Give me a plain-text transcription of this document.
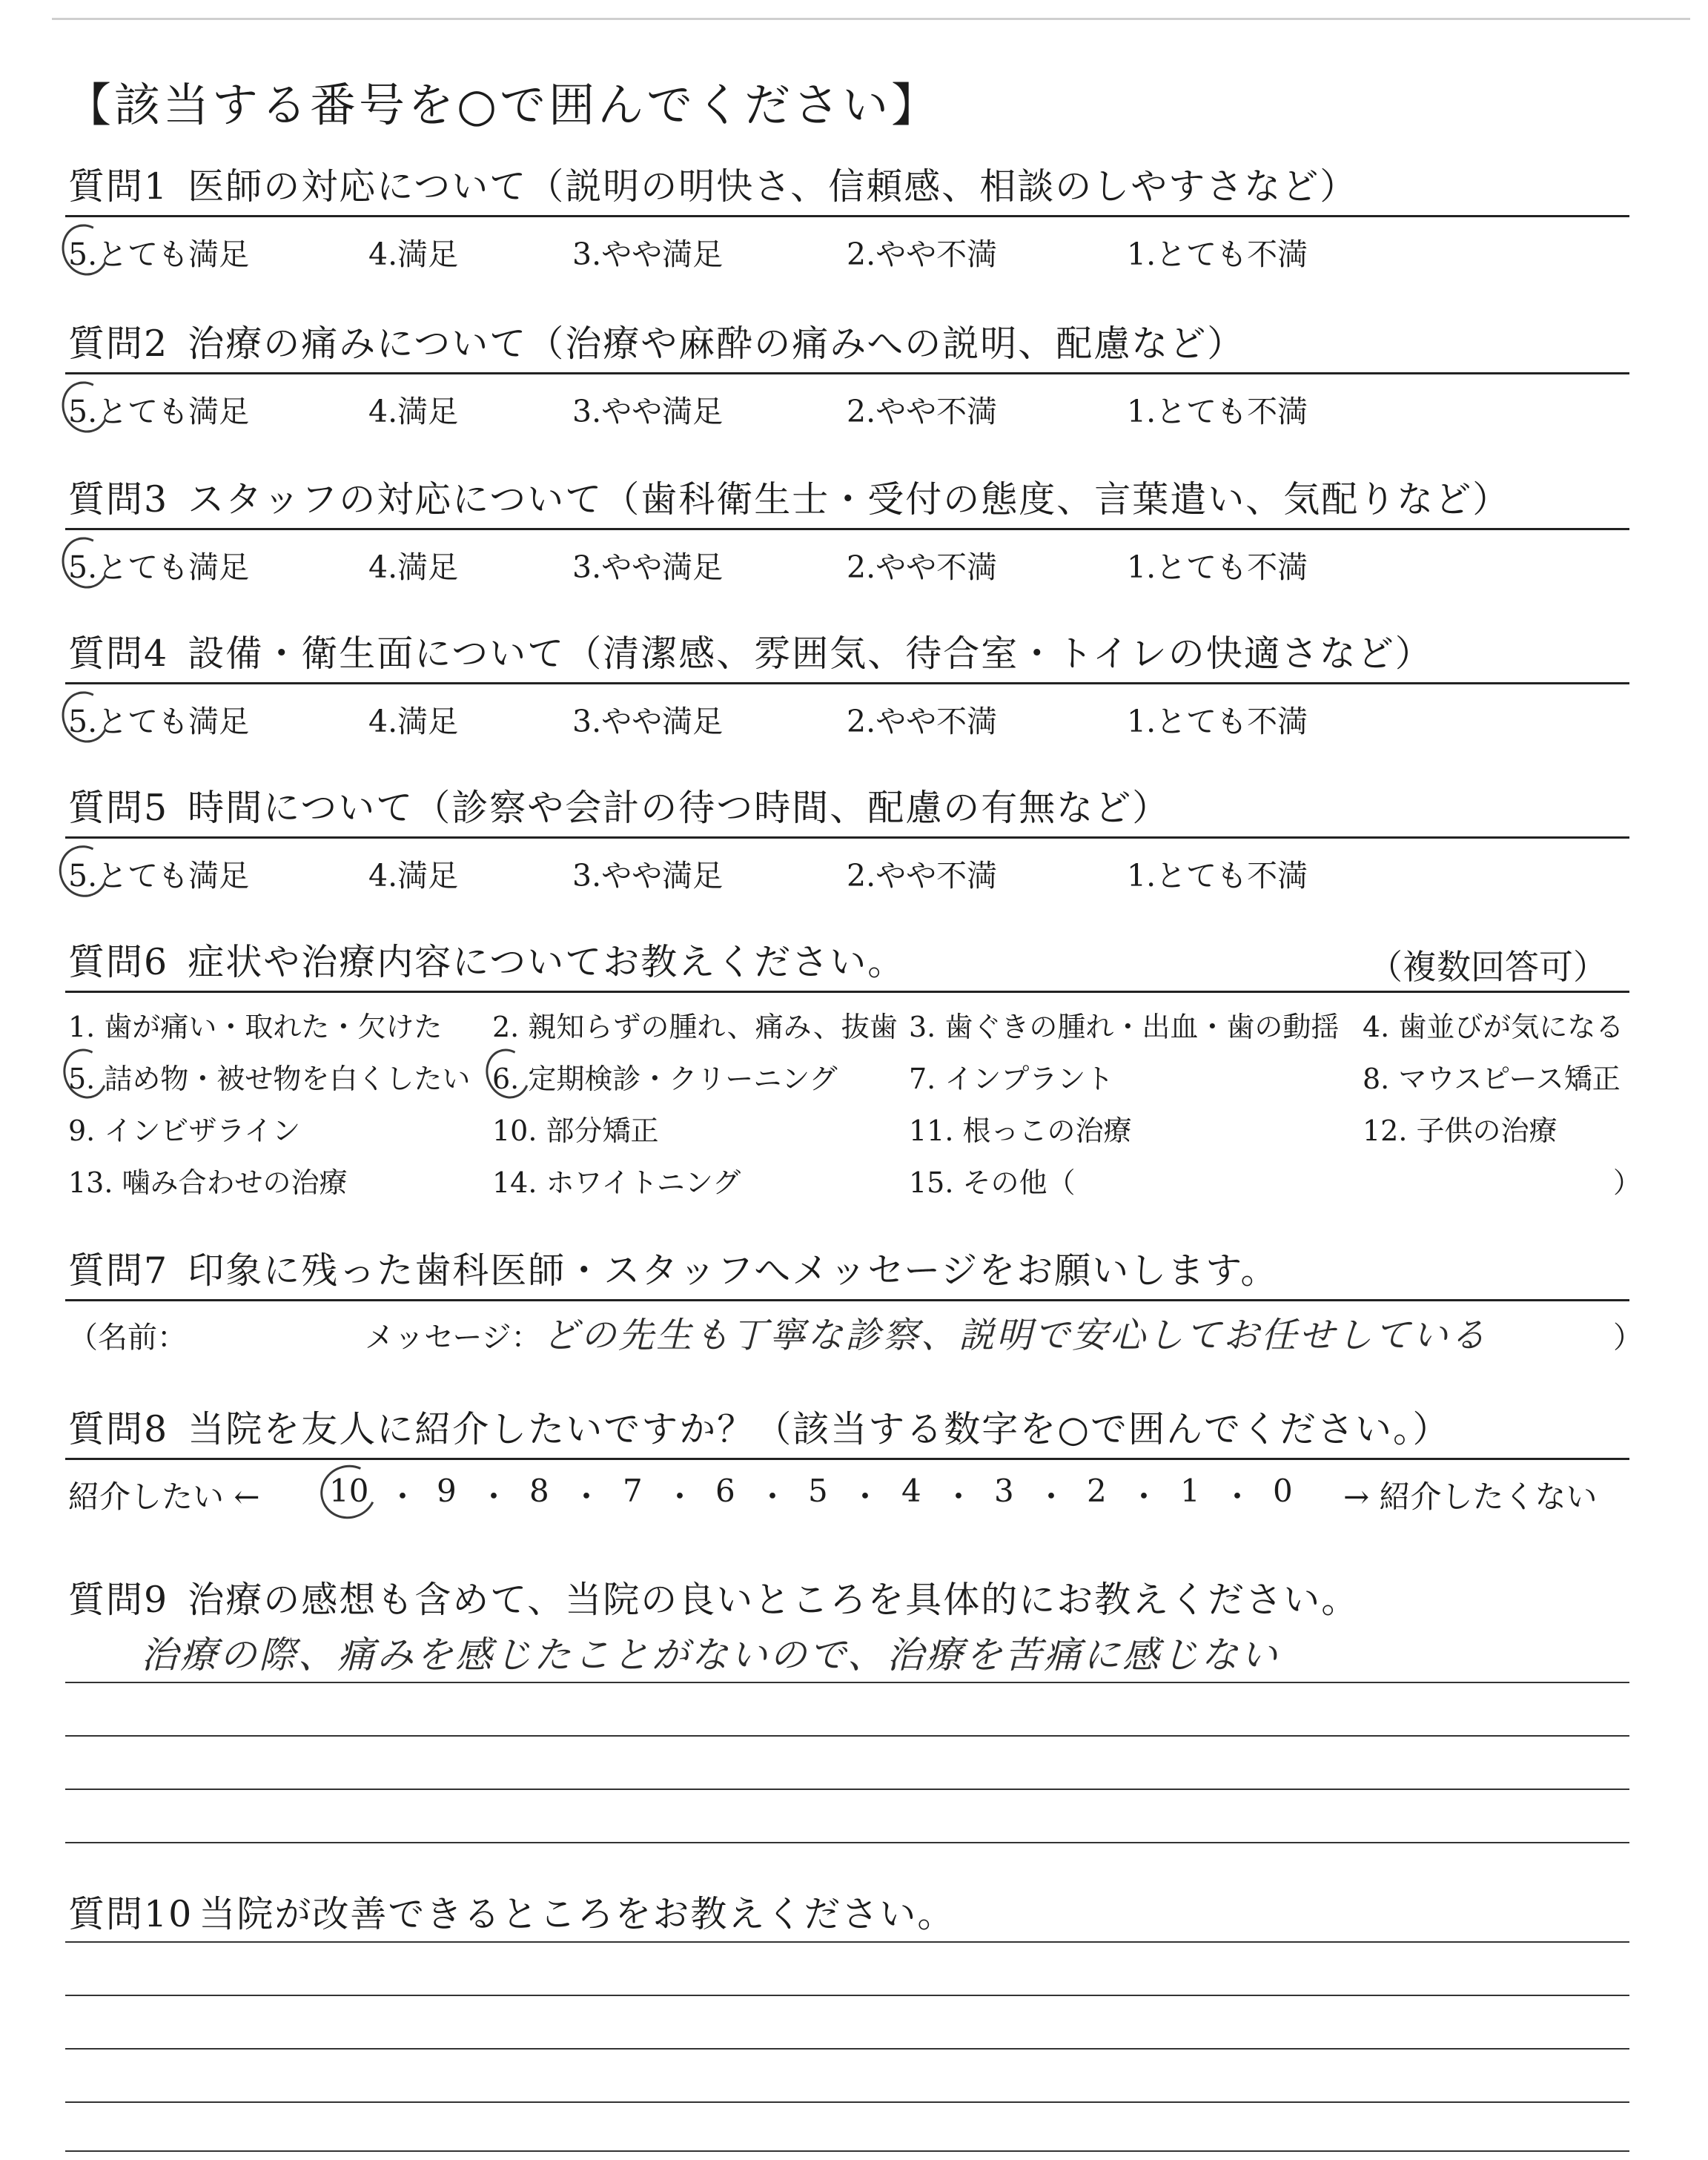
【該当する番号を○で囲んでください】
質問1 医師の対応について（説明の明快さ、信頼感、相談のしやすさなど）
5.とても満足	4.満足	3.やや満足	2.やや不満	1.とても不満
質問2 治療の痛みについて（治療や麻酔の痛みへの説明、配慮など）
5.とても満足	4.満足	3.やや満足	2.やや不満	1.とても不満
質問3 スタッフの対応について（歯科衛生士・受付の態度、言葉遣い、気配りなど）
5.とても満足	4.満足	3.やや満足	2.やや不満	1.とても不満
質問4 設備・衛生面について（清潔感、雰囲気、待合室・トイレの快適さなど）
5.とても満足	4.満足	3.やや満足	2.やや不満	1.とても不満
質問5 時間について（診察や会計の待つ時間、配慮の有無など）
5.とても満足	4.満足	3.やや満足	2.やや不満	1.とても不満
質問6 症状や治療内容についてお教えください。	（複数回答可）
1. 歯が痛い・取れた・欠けた 2. 親知らずの腫れ、痛み、抜歯 3. 歯ぐきの腫れ・出血・歯の動揺 4. 歯並びが気になる
5. 詰め物・被せ物を白くしたい 6. 定期検診・クリーニング	7. インプラント	8. マウスピース矯正
9. インビザライン	10. 部分矯正	11. 根っこの治療	12. 子供の治療
13. 噛み合わせの治療	14. ホワイトニング	15. その他（	）
質問7 印象に残った歯科医師・スタッフへメッセージをお願いします。
（名前：	メッセージ： どの先生も丁寧な診察、説明で安心してお任せしている	）
質問8 当院を友人に紹介したいですか？（該当する数字を○で囲んでください。）
紹介したい ← 10 ・ 9 ・ 8 ・ 7 ・ 6 ・ 5 ・ 4 ・ 3 ・ 2 ・ 1 ・ 0 → 紹介したくない
質問9 治療の感想も含めて、当院の良いところを具体的にお教えください。
治療の際、痛みを感じたことがないので、治療を苦痛に感じない
質問10 当院が改善できるところをお教えください。
